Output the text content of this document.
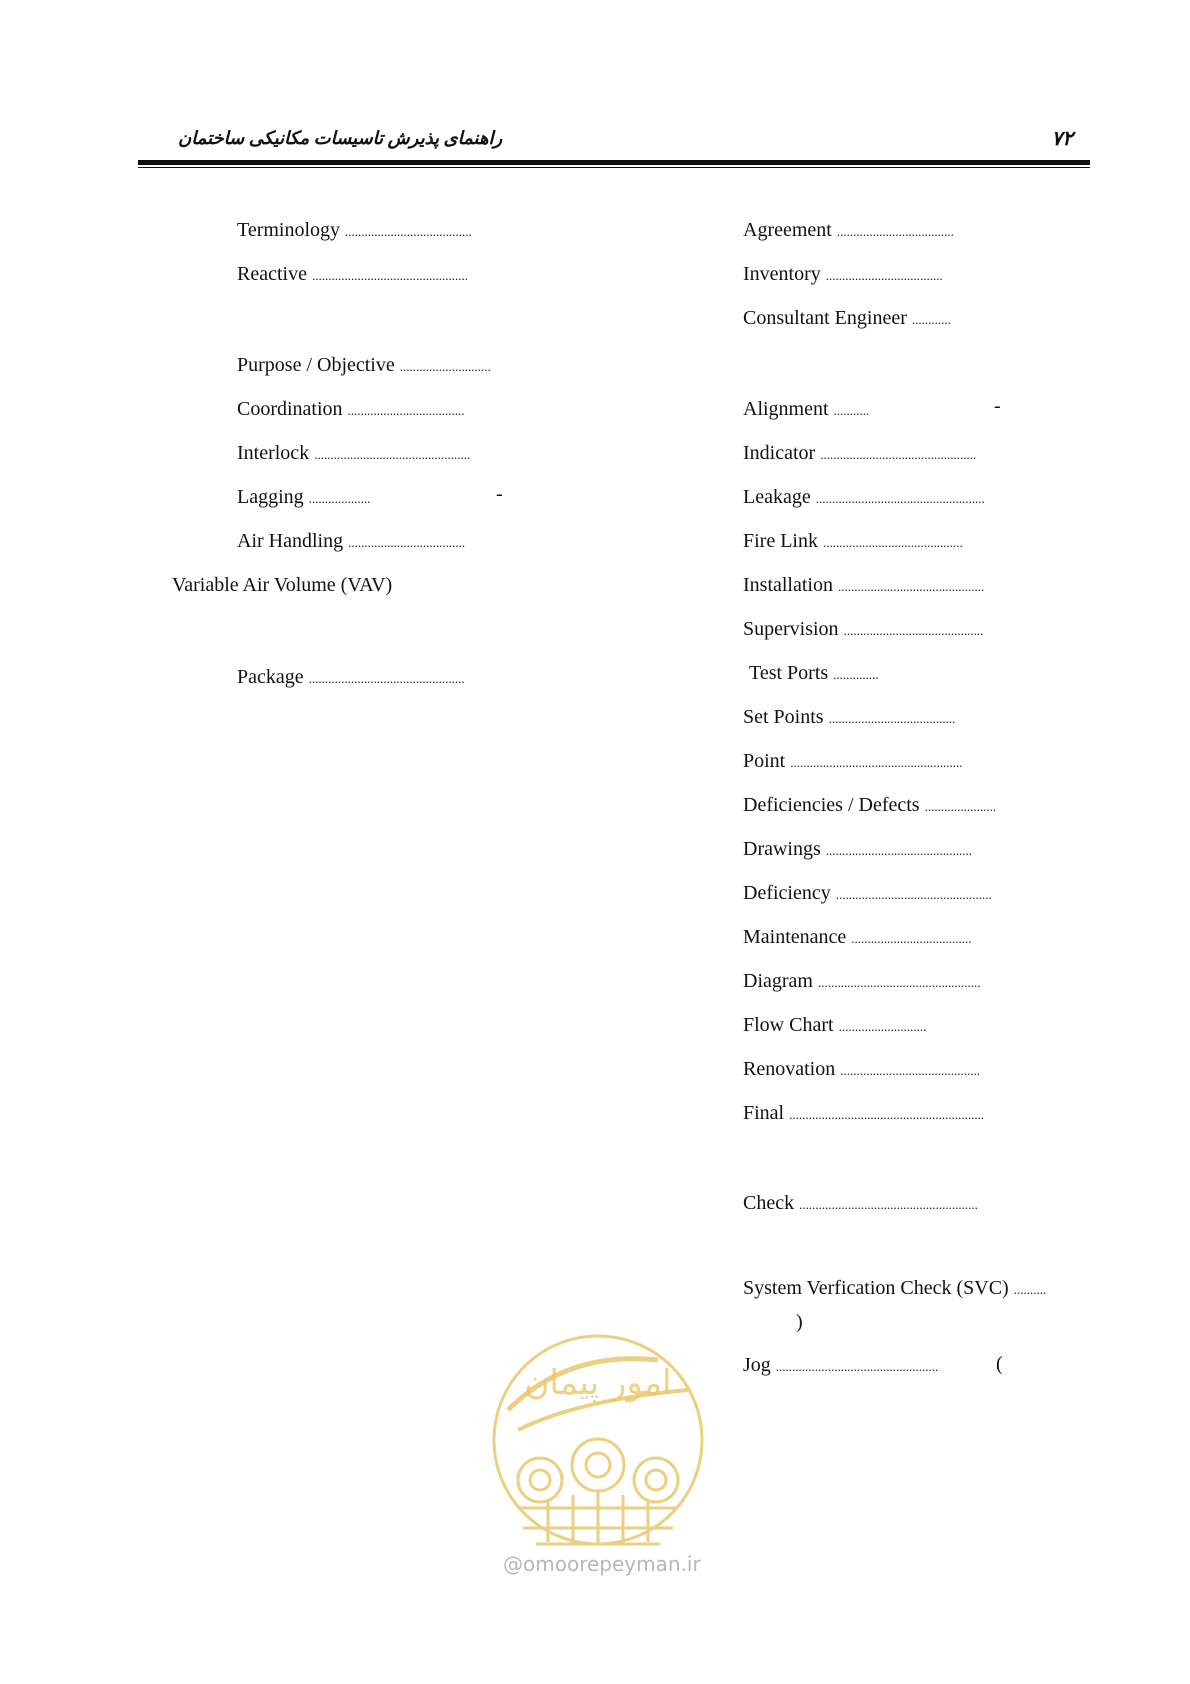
راهنمای پذیرش تاسیسات مکانیکی ساختمان	۷۲
Terminology .......................................
Reactive ................................................
Purpose / Objective ............................
Coordination ....................................
Interlock ................................................
Lagging ...................	-
Air Handling ....................................
Variable Air Volume (VAV)
Package ................................................
Agreement ....................................
Inventory ....................................
Consultant Engineer ............
Alignment ...........	-
Indicator ................................................
Leakage ....................................................
Fire Link ...........................................
Installation .............................................
Supervision ...........................................
Test Ports ..............
Set Points .......................................
Point .....................................................
Deficiencies / Defects ......................
Drawings .............................................
Deficiency ................................................
Maintenance .....................................
Diagram ..................................................
Flow Chart ...........................
Renovation ...........................................
Final ............................................................
Check .......................................................
System Verfication Check (SVC) ..........
)
Jog ..................................................	(
امور پیمان
@omoorepeyman.ir
